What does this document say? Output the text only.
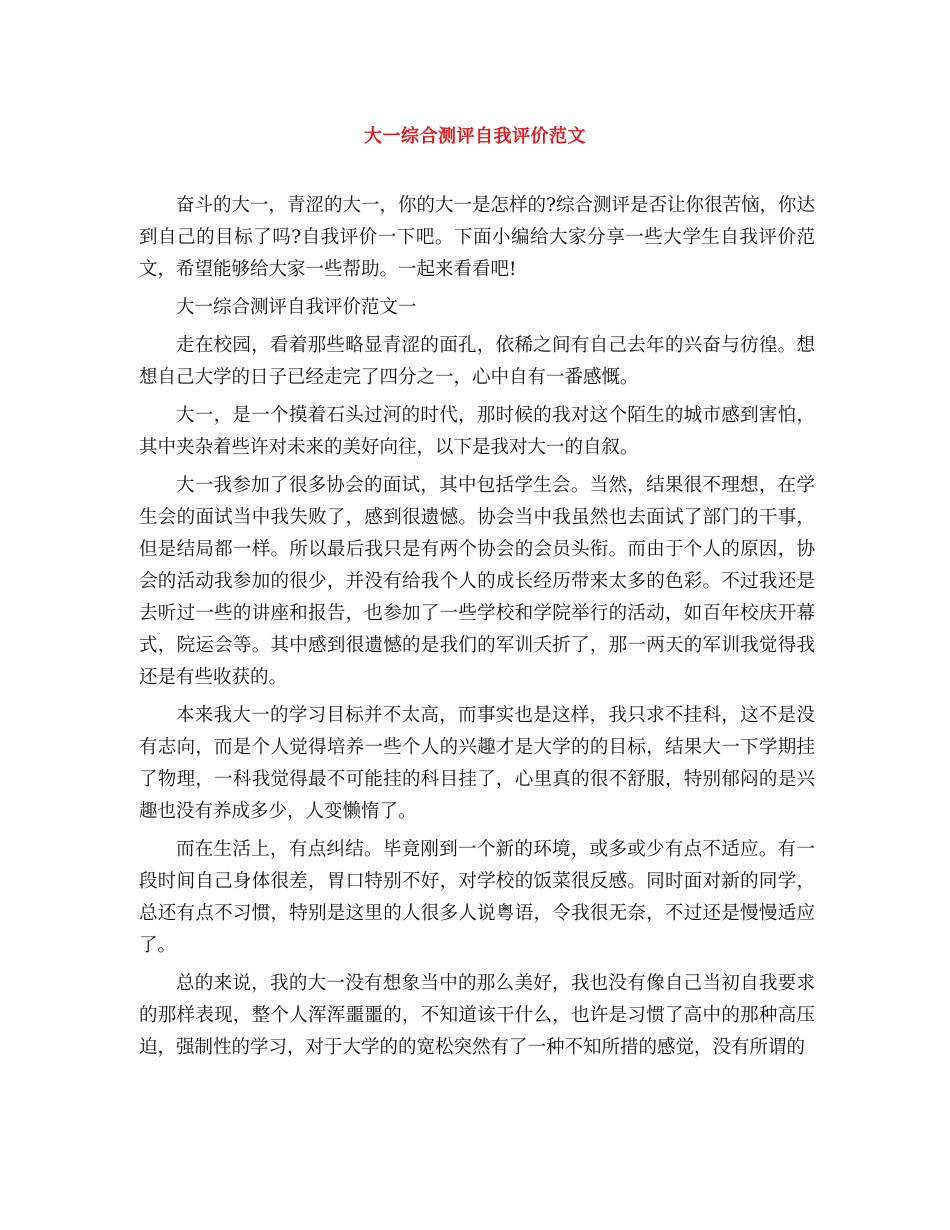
大一综合测评自我评价范文

奋斗的大一，青涩的大一，你的大一是怎样的?综合测评是否让你很苦恼，你达到自己的目标了吗?自我评价一下吧。下面小编给大家分享一些大学生自我评价范文，希望能够给大家一些帮助。一起来看看吧!

大一综合测评自我评价范文一

走在校园，看着那些略显青涩的面孔，依稀之间有自己去年的兴奋与彷徨。想想自己大学的日子已经走完了四分之一，心中自有一番感慨。

大一，是一个摸着石头过河的时代，那时候的我对这个陌生的城市感到害怕，其中夹杂着些许对未来的美好向往，以下是我对大一的自叙。

大一我参加了很多协会的面试，其中包括学生会。当然，结果很不理想，在学生会的面试当中我失败了，感到很遗憾。协会当中我虽然也去面试了部门的干事，但是结局都一样。所以最后我只是有两个协会的会员头衔。而由于个人的原因，协会的活动我参加的很少，并没有给我个人的成长经历带来太多的色彩。不过我还是去听过一些的讲座和报告，也参加了一些学校和学院举行的活动，如百年校庆开幕式，院运会等。其中感到很遗憾的是我们的军训夭折了，那一两天的军训我觉得我还是有些收获的。

本来我大一的学习目标并不太高，而事实也是这样，我只求不挂科，这不是没有志向，而是个人觉得培养一些个人的兴趣才是大学的的目标，结果大一下学期挂了物理，一科我觉得最不可能挂的科目挂了，心里真的很不舒服，特别郁闷的是兴趣也没有养成多少，人变懒惰了。

而在生活上，有点纠结。毕竟刚到一个新的环境，或多或少有点不适应。有一段时间自己身体很差，胃口特别不好，对学校的饭菜很反感。同时面对新的同学，总还有点不习惯，特别是这里的人很多人说粤语，令我很无奈，不过还是慢慢适应了。

总的来说，我的大一没有想象当中的那么美好，我也没有像自己当初自我要求的那样表现，整个人浑浑噩噩的，不知道该干什么，也许是习惯了高中的那种高压迫，强制性的学习，对于大学的的宽松突然有了一种不知所措的感觉，没有所谓的
